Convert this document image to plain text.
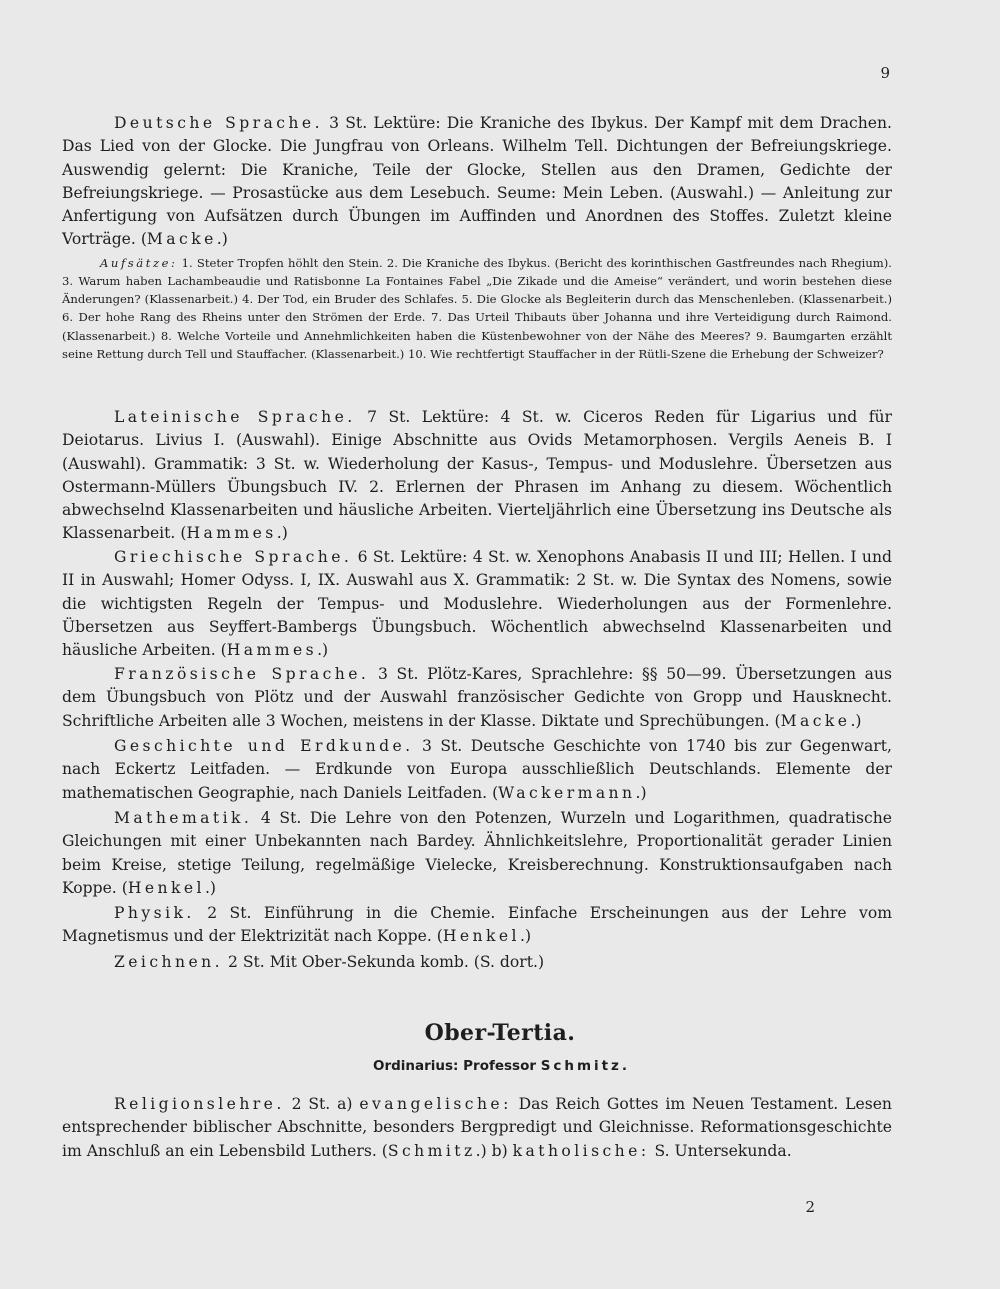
9

Deutsche Sprache. 3 St. Lektüre: Die Kraniche des Ibykus. Der Kampf mit dem Drachen. Das Lied von der Glocke. Die Jungfrau von Orleans. Wilhelm Tell. Dichtungen der Befreiungskriege. Auswendig gelernt: Die Kraniche, Teile der Glocke, Stellen aus den Dramen, Gedichte der Befreiungskriege. — Prosastücke aus dem Lesebuch. Seume: Mein Leben. (Auswahl.) — Anleitung zur Anfertigung von Aufsätzen durch Übungen im Auffinden und Anordnen des Stoffes. Zuletzt kleine Vorträge. (Macke.)

Aufsätze: 1. Steter Tropfen höhlt den Stein. 2. Die Kraniche des Ibykus. (Bericht des korinthischen Gastfreundes nach Rhegium). 3. Warum haben Lachambeaudie und Ratisbonne La Fontaines Fabel „Die Zikade und die Ameise“ verändert, und worin bestehen diese Änderungen? (Klassenarbeit.) 4. Der Tod, ein Bruder des Schlafes. 5. Die Glocke als Begleiterin durch das Menschenleben. (Klassenarbeit.) 6. Der hohe Rang des Rheins unter den Strömen der Erde. 7. Das Urteil Thibauts über Johanna und ihre Verteidigung durch Raimond. (Klassenarbeit.) 8. Welche Vorteile und Annehmlichkeiten haben die Küstenbewohner von der Nähe des Meeres? 9. Baumgarten erzählt seine Rettung durch Tell und Stauffacher. (Klassenarbeit.) 10. Wie rechtfertigt Stauffacher in der Rütli-Szene die Erhebung der Schweizer?

Lateinische Sprache. 7 St. Lektüre: 4 St. w. Ciceros Reden für Ligarius und für Deiotarus. Livius I. (Auswahl). Einige Abschnitte aus Ovids Metamorphosen. Vergils Aeneis B. I (Auswahl). Grammatik: 3 St. w. Wiederholung der Kasus-, Tempus- und Moduslehre. Übersetzen aus Ostermann-Müllers Übungsbuch IV. 2. Erlernen der Phrasen im Anhang zu diesem. Wöchentlich abwechselnd Klassenarbeiten und häusliche Arbeiten. Vierteljährlich eine Übersetzung ins Deutsche als Klassenarbeit. (Hammes.)

Griechische Sprache. 6 St. Lektüre: 4 St. w. Xenophons Anabasis II und III; Hellen. I und II in Auswahl; Homer Odyss. I, IX. Auswahl aus X. Grammatik: 2 St. w. Die Syntax des Nomens, sowie die wichtigsten Regeln der Tempus- und Moduslehre. Wiederholungen aus der Formenlehre. Übersetzen aus Seyffert-Bambergs Übungsbuch. Wöchentlich abwechselnd Klassenarbeiten und häusliche Arbeiten. (Hammes.)

Französische Sprache. 3 St. Plötz-Kares, Sprachlehre: §§ 50—99. Übersetzungen aus dem Übungsbuch von Plötz und der Auswahl französischer Gedichte von Gropp und Hausknecht. Schriftliche Arbeiten alle 3 Wochen, meistens in der Klasse. Diktate und Sprechübungen. (Macke.)

Geschichte und Erdkunde. 3 St. Deutsche Geschichte von 1740 bis zur Gegenwart, nach Eckertz Leitfaden. — Erdkunde von Europa ausschließlich Deutschlands. Elemente der mathematischen Geographie, nach Daniels Leitfaden. (Wackermann.)

Mathematik. 4 St. Die Lehre von den Potenzen, Wurzeln und Logarithmen, quadratische Gleichungen mit einer Unbekannten nach Bardey. Ähnlichkeitslehre, Proportionalität gerader Linien beim Kreise, stetige Teilung, regelmäßige Vielecke, Kreisberechnung. Konstruktionsaufgaben nach Koppe. (Henkel.)

Physik. 2 St. Einführung in die Chemie. Einfache Erscheinungen aus der Lehre vom Magnetismus und der Elektrizität nach Koppe. (Henkel.)

Zeichnen. 2 St. Mit Ober-Sekunda komb. (S. dort.)

Ober-Tertia.
Ordinarius: Professor Schmitz.

Religionslehre. 2 St. a) evangelische: Das Reich Gottes im Neuen Testament. Lesen entsprechender biblischer Abschnitte, besonders Bergpredigt und Gleichnisse. Reformationsgeschichte im Anschluß an ein Lebensbild Luthers. (Schmitz.) b) katholische: S. Untersekunda.

2
